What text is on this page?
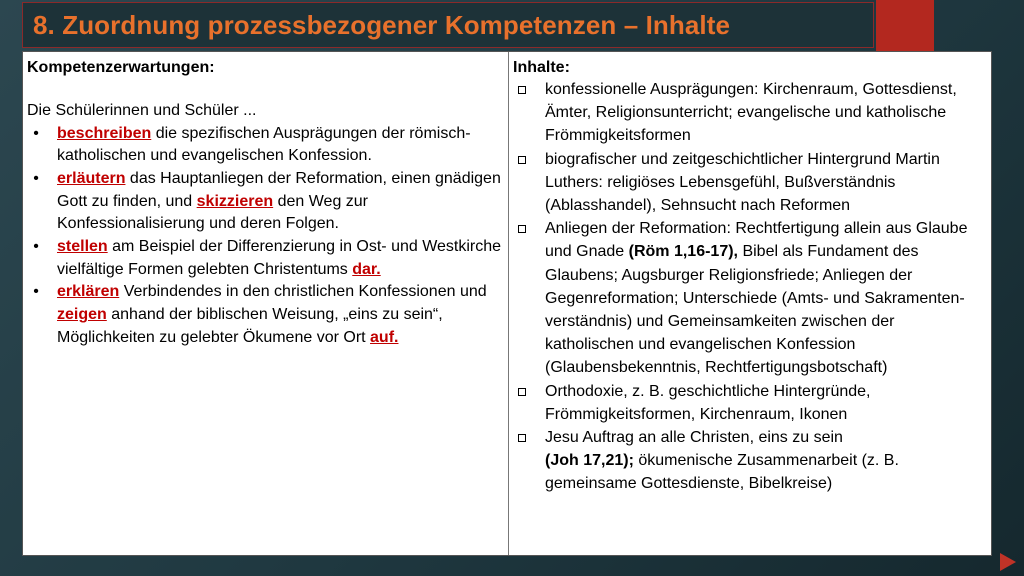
8. Zuordnung prozessbezogener Kompetenzen – Inhalte

Kompetenzerwartungen:

Die Schülerinnen und Schüler ...

• beschreiben die spezifischen Ausprägungen der römisch-katholischen und evangelischen Konfession.
• erläutern das Hauptanliegen der Reformation, einen gnädigen Gott zu finden, und skizzieren den Weg zur Konfessionalisierung und deren Folgen.
• stellen am Beispiel der Differenzierung in Ost- und Westkirche vielfältige Formen gelebten Christentums dar.
• erklären Verbindendes in den christlichen Konfessionen und zeigen anhand der biblischen Weisung, „eins zu sein“, Möglichkeiten zu gelebter Ökumene vor Ort auf.

Inhalte:

konfessionelle Ausprägungen: Kirchenraum, Gottesdienst, Ämter, Religionsunterricht; evangelische und katholische Frömmigkeitsformen
biografischer und zeitgeschichtlicher Hintergrund Martin Luthers: religiöses Lebensgefühl, Bußverständnis (Ablasshandel), Sehnsucht nach Reformen
Anliegen der Reformation: Rechtfertigung allein aus Glaube und Gnade (Röm 1,16-17), Bibel als Fundament des Glaubens; Augsburger Religionsfriede; Anliegen der Gegenreformation; Unterschiede (Amts- und Sakramenten-verständnis) und Gemeinsamkeiten zwischen der katholischen und evangelischen Konfession (Glaubensbekenntnis, Rechtfertigungsbotschaft)
Orthodoxie, z. B. geschichtliche Hintergründe, Frömmigkeitsformen, Kirchenraum, Ikonen
Jesu Auftrag an alle Christen, eins zu sein
(Joh 17,21); ökumenische Zusammenarbeit (z. B. gemeinsame Gottesdienste, Bibelkreise)
